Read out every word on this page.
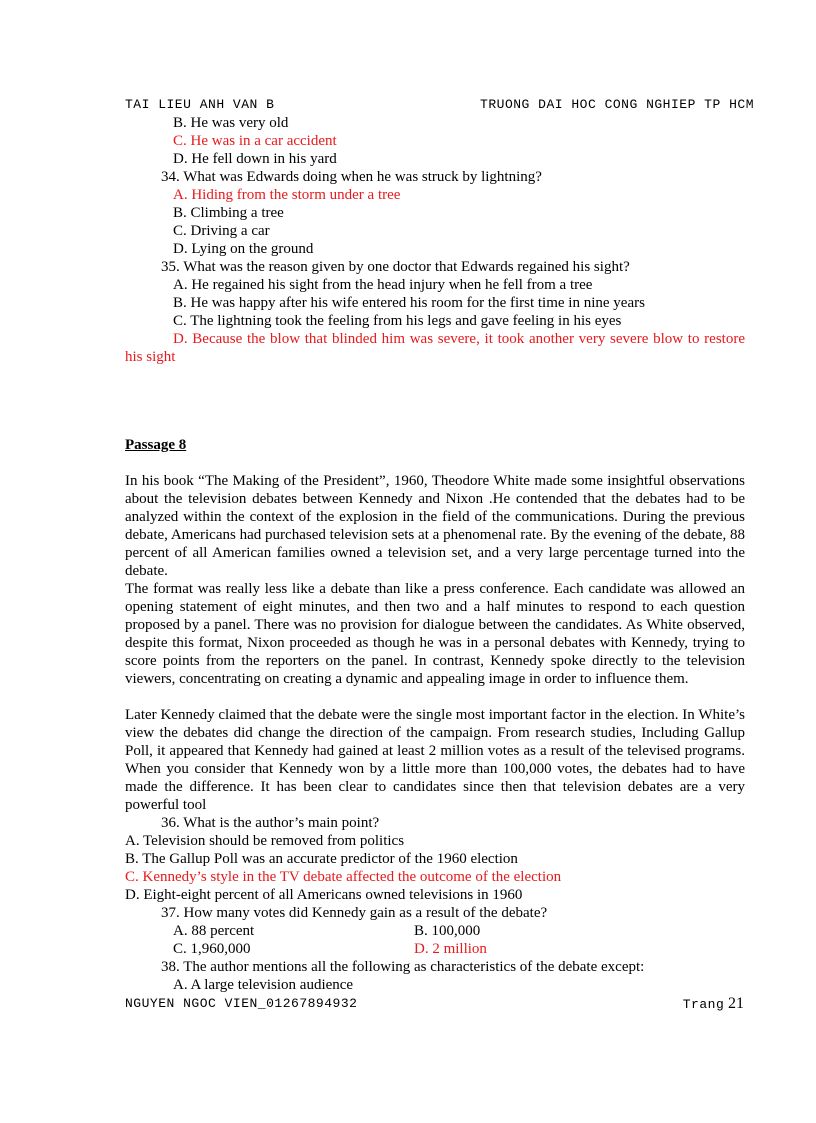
TAI LIEU ANH VAN B	TRUONG DAI HOC CONG NGHIEP TP HCM
B. He was very old
C. He was in a car accident
D. He fell down in his yard
34. What was Edwards doing when he was struck by lightning?
A. Hiding from the storm under a tree
B. Climbing a tree
C. Driving a car
D. Lying on the ground
35. What was the reason given by one doctor that Edwards regained his sight?
A. He regained his sight from the head injury when he fell from a tree
B. He was happy after his wife entered his room for the first time in nine years
C. The lightning took the feeling from his legs and gave feeling in his eyes
D. Because the blow that blinded him was severe, it took another very severe blow to restore his sight
Passage 8
In his book “The Making of the President”, 1960, Theodore White made some insightful observations about the television debates between Kennedy and Nixon .He contended that the debates had to be analyzed within the context of the explosion in the field of the communications. During the previous debate, Americans had purchased television sets at a phenomenal rate. By the evening of the debate, 88 percent of all American families owned a television set, and a very large percentage turned into the debate.
The format was really less like a debate than like a press conference. Each candidate was allowed an opening statement of eight minutes, and then two and a half minutes to respond to each question proposed by a panel. There was no provision for dialogue between the candidates. As White observed, despite this format, Nixon proceeded as though he was in a personal debates with Kennedy, trying to score points from the reporters on the panel. In contrast, Kennedy spoke directly to the television viewers, concentrating on creating a dynamic and appealing image in order to influence them.
Later Kennedy claimed that the debate were the single most important factor in the election. In White’s view the debates did change the direction of the campaign. From research studies, Including Gallup Poll, it appeared that Kennedy had gained at least 2 million votes as a result of the televised programs. When you consider that Kennedy won by a little more than 100,000 votes, the debates had to have made the difference. It has been clear to candidates since then that television debates are a very powerful tool
36. What is the author’s main point?
A. Television should be removed from politics
B. The Gallup Poll was an accurate predictor of the 1960 election
C. Kennedy’s style in the TV debate affected the outcome of the election
D. Eight-eight percent of all Americans owned televisions in 1960
37. How many votes did Kennedy gain as a result of the debate?
A. 88 percent	B. 100,000
C. 1,960,000	D. 2 million
38. The author mentions all the following as characteristics of the debate except:
A. A large television audience
NGUYEN NGOC VIEN_01267894932	Trang 21
